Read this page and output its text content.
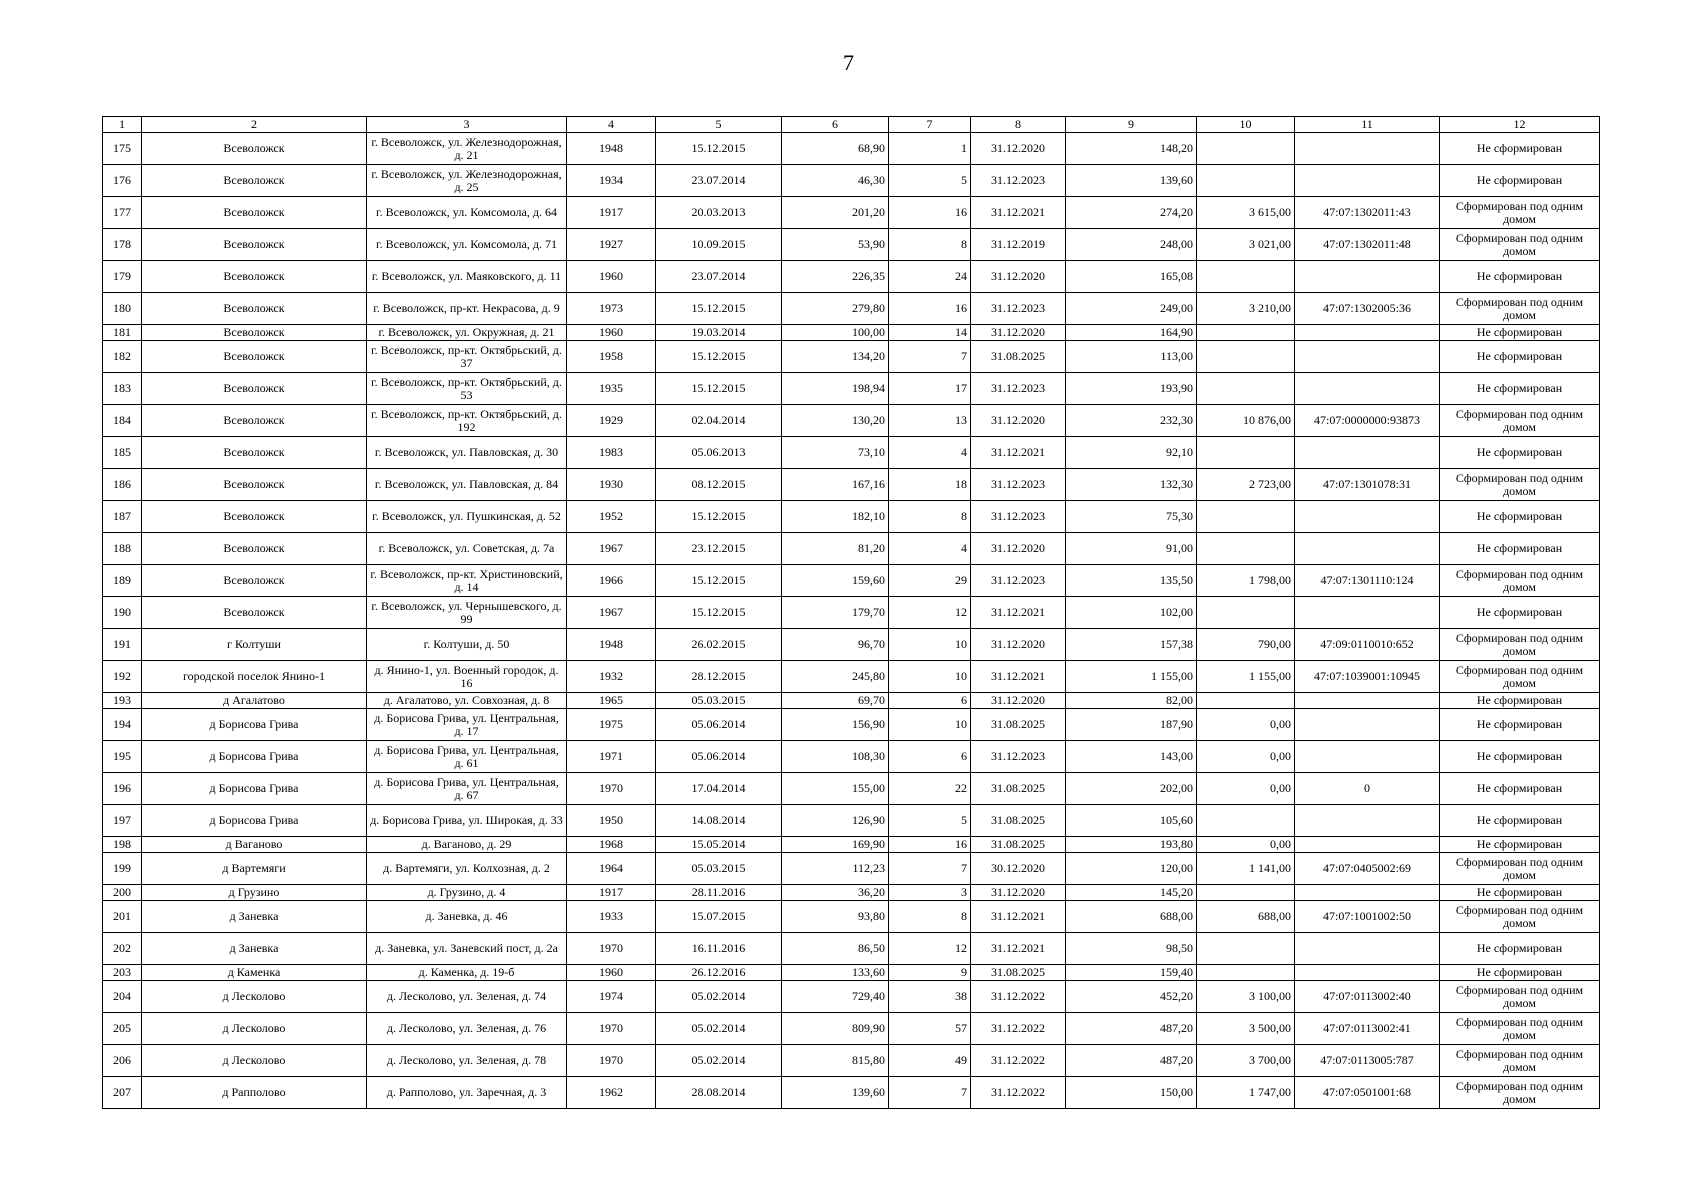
7
1	2	3	4	5	6	7	8	9	10	11	12
175	Всеволожск	г. Всеволожск, ул. Железнодорожная, д. 21	1948	15.12.2015	68,90	1	31.12.2020	148,20			Не сформирован
176	Всеволожск	г. Всеволожск, ул. Железнодорожная, д. 25	1934	23.07.2014	46,30	5	31.12.2023	139,60			Не сформирован
177	Всеволожск	г. Всеволожск, ул. Комсомола, д. 64	1917	20.03.2013	201,20	16	31.12.2021	274,20	3 615,00	47:07:1302011:43	Сформирован под одним домом
178	Всеволожск	г. Всеволожск, ул. Комсомола, д. 71	1927	10.09.2015	53,90	8	31.12.2019	248,00	3 021,00	47:07:1302011:48	Сформирован под одним домом
179	Всеволожск	г. Всеволожск, ул. Маяковского, д. 11	1960	23.07.2014	226,35	24	31.12.2020	165,08			Не сформирован
180	Всеволожск	г. Всеволожск, пр-кт. Некрасова, д. 9	1973	15.12.2015	279,80	16	31.12.2023	249,00	3 210,00	47:07:1302005:36	Сформирован под одним домом
181	Всеволожск	г. Всеволожск, ул. Окружная, д. 21	1960	19.03.2014	100,00	14	31.12.2020	164,90			Не сформирован
182	Всеволожск	г. Всеволожск, пр-кт. Октябрьский, д. 37	1958	15.12.2015	134,20	7	31.08.2025	113,00			Не сформирован
183	Всеволожск	г. Всеволожск, пр-кт. Октябрьский, д. 53	1935	15.12.2015	198,94	17	31.12.2023	193,90			Не сформирован
184	Всеволожск	г. Всеволожск, пр-кт. Октябрьский, д. 192	1929	02.04.2014	130,20	13	31.12.2020	232,30	10 876,00	47:07:0000000:93873	Сформирован под одним домом
185	Всеволожск	г. Всеволожск, ул. Павловская, д. 30	1983	05.06.2013	73,10	4	31.12.2021	92,10			Не сформирован
186	Всеволожск	г. Всеволожск, ул. Павловская, д. 84	1930	08.12.2015	167,16	18	31.12.2023	132,30	2 723,00	47:07:1301078:31	Сформирован под одним домом
187	Всеволожск	г. Всеволожск, ул. Пушкинская, д. 52	1952	15.12.2015	182,10	8	31.12.2023	75,30			Не сформирован
188	Всеволожск	г. Всеволожск, ул. Советская, д. 7а	1967	23.12.2015	81,20	4	31.12.2020	91,00			Не сформирован
189	Всеволожск	г. Всеволожск, пр-кт. Христиновский, д. 14	1966	15.12.2015	159,60	29	31.12.2023	135,50	1 798,00	47:07:1301110:124	Сформирован под одним домом
190	Всеволожск	г. Всеволожск, ул. Чернышевского, д. 99	1967	15.12.2015	179,70	12	31.12.2021	102,00			Не сформирован
191	г Колтуши	г. Колтуши, д. 50	1948	26.02.2015	96,70	10	31.12.2020	157,38	790,00	47:09:0110010:652	Сформирован под одним домом
192	городской поселок Янино-1	д. Янино-1, ул. Военный городок, д. 16	1932	28.12.2015	245,80	10	31.12.2021	1 155,00	1 155,00	47:07:1039001:10945	Сформирован под одним домом
193	д Агалатово	д. Агалатово, ул. Совхозная, д. 8	1965	05.03.2015	69,70	6	31.12.2020	82,00			Не сформирован
194	д Борисова Грива	д. Борисова Грива, ул. Центральная, д. 17	1975	05.06.2014	156,90	10	31.08.2025	187,90	0,00		Не сформирован
195	д Борисова Грива	д. Борисова Грива, ул. Центральная, д. 61	1971	05.06.2014	108,30	6	31.12.2023	143,00	0,00		Не сформирован
196	д Борисова Грива	д. Борисова Грива, ул. Центральная, д. 67	1970	17.04.2014	155,00	22	31.08.2025	202,00	0,00	0	Не сформирован
197	д Борисова Грива	д. Борисова Грива, ул. Широкая, д. 33	1950	14.08.2014	126,90	5	31.08.2025	105,60			Не сформирован
198	д Ваганово	д. Ваганово, д. 29	1968	15.05.2014	169,90	16	31.08.2025	193,80	0,00		Не сформирован
199	д Вартемяги	д. Вартемяги, ул. Колхозная, д. 2	1964	05.03.2015	112,23	7	30.12.2020	120,00	1 141,00	47:07:0405002:69	Сформирован под одним домом
200	д Грузино	д. Грузино, д. 4	1917	28.11.2016	36,20	3	31.12.2020	145,20			Не сформирован
201	д Заневка	д. Заневка, д. 46	1933	15.07.2015	93,80	8	31.12.2021	688,00	688,00	47:07:1001002:50	Сформирован под одним домом
202	д Заневка	д. Заневка, ул. Заневский пост, д. 2а	1970	16.11.2016	86,50	12	31.12.2021	98,50			Не сформирован
203	д Каменка	д. Каменка, д. 19-б	1960	26.12.2016	133,60	9	31.08.2025	159,40			Не сформирован
204	д Лесколово	д. Лесколово, ул. Зеленая, д. 74	1974	05.02.2014	729,40	38	31.12.2022	452,20	3 100,00	47:07:0113002:40	Сформирован под одним домом
205	д Лесколово	д. Лесколово, ул. Зеленая, д. 76	1970	05.02.2014	809,90	57	31.12.2022	487,20	3 500,00	47:07:0113002:41	Сформирован под одним домом
206	д Лесколово	д. Лесколово, ул. Зеленая, д. 78	1970	05.02.2014	815,80	49	31.12.2022	487,20	3 700,00	47:07:0113005:787	Сформирован под одним домом
207	д Рапполово	д. Рапполово, ул. Заречная, д. 3	1962	28.08.2014	139,60	7	31.12.2022	150,00	1 747,00	47:07:0501001:68	Сформирован под одним домом
